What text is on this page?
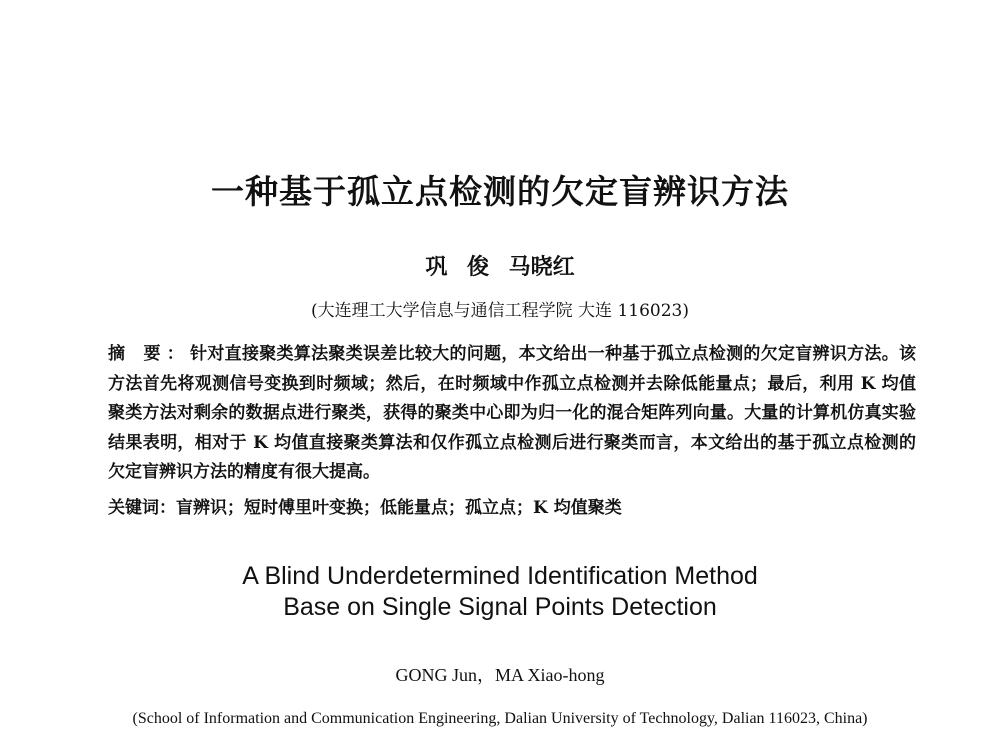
一种基于孤立点检测的欠定盲辨识方法
巩 俊 马晓红
(大连理工大学信息与通信工程学院 大连 116023)
摘 要：针对直接聚类算法聚类误差比较大的问题，本文给出一种基于孤立点检测的欠定盲辨识方法。该方法首先将观测信号变换到时频域；然后，在时频域中作孤立点检测并去除低能量点；最后，利用 K 均值聚类方法对剩余的数据点进行聚类，获得的聚类中心即为归一化的混合矩阵列向量。大量的计算机仿真实验结果表明，相对于 K 均值直接聚类算法和仅作孤立点检测后进行聚类而言，本文给出的基于孤立点检测的欠定盲辨识方法的精度有很大提高。
关键词：盲辨识；短时傅里叶变换；低能量点；孤立点；K 均值聚类
A Blind Underdetermined Identification Method
Base on Single Signal Points Detection
GONG Jun，MA Xiao-hong
(School of Information and Communication Engineering, Dalian University of Technology, Dalian 116023, China)
